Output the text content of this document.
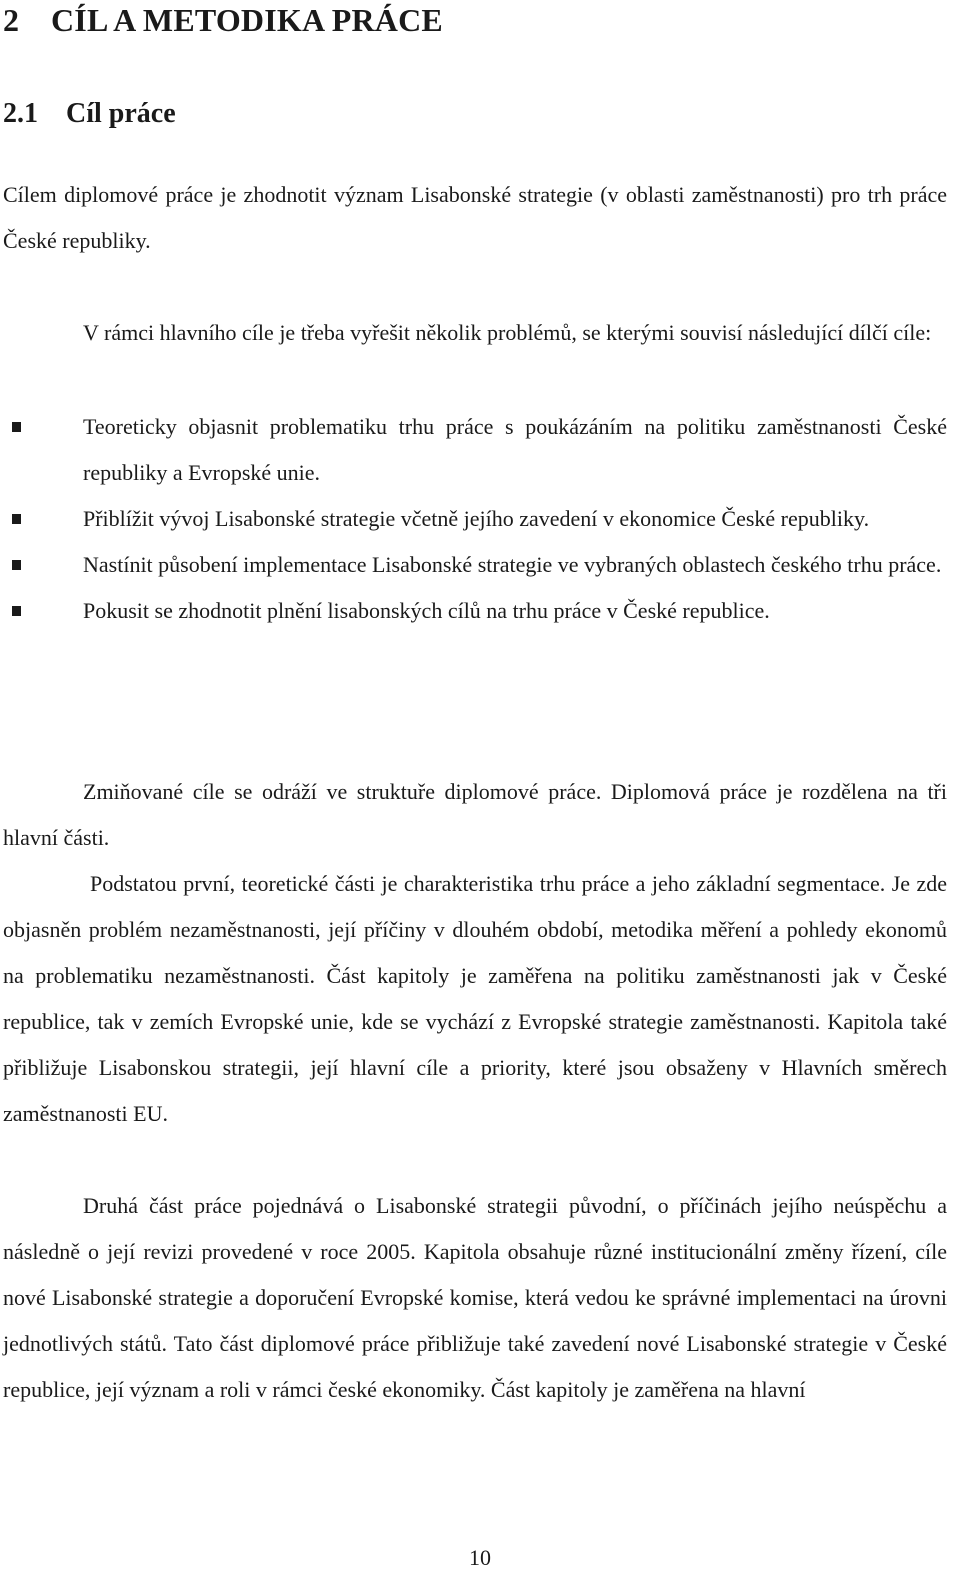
2 CÍL A METODIKA PRÁCE
2.1 Cíl práce

Cílem diplomové práce je zhodnotit význam Lisabonské strategie (v oblasti zaměstnanosti) pro trh práce České republiky.

V rámci hlavního cíle je třeba vyřešit několik problémů, se kterými souvisí následující dílčí cíle:

Teoreticky objasnit problematiku trhu práce s poukázáním na politiku zaměstnanosti České republiky a Evropské unie.
Přiblížit vývoj Lisabonské strategie včetně jejího zavedení v ekonomice České republiky.
Nastínit působení implementace Lisabonské strategie ve vybraných oblastech českého trhu práce.
Pokusit se zhodnotit plnění lisabonských cílů na trhu práce v České republice.

Zmiňované cíle se odráží ve struktuře diplomové práce. Diplomová práce je rozdělena na tři hlavní části.

Podstatou první, teoretické části je charakteristika trhu práce a jeho základní segmentace. Je zde objasněn problém nezaměstnanosti, její příčiny v dlouhém období, metodika měření a pohledy ekonomů na problematiku nezaměstnanosti. Část kapitoly je zaměřena na politiku zaměstnanosti jak v České republice, tak v zemích Evropské unie, kde se vychází z Evropské strategie zaměstnanosti. Kapitola také přibližuje Lisabonskou strategii, její hlavní cíle a priority, které jsou obsaženy v Hlavních směrech zaměstnanosti EU.

Druhá část práce pojednává o Lisabonské strategii původní, o příčinách jejího neúspěchu a následně o její revizi provedené v roce 2005. Kapitola obsahuje různé institucionální změny řízení, cíle nové Lisabonské strategie a doporučení Evropské komise, která vedou ke správné implementaci na úrovni jednotlivých států. Tato část diplomové práce přibližuje také zavedení nové Lisabonské strategie v České republice, její význam a roli v rámci české ekonomiky. Část kapitoly je zaměřena na hlavní

10
